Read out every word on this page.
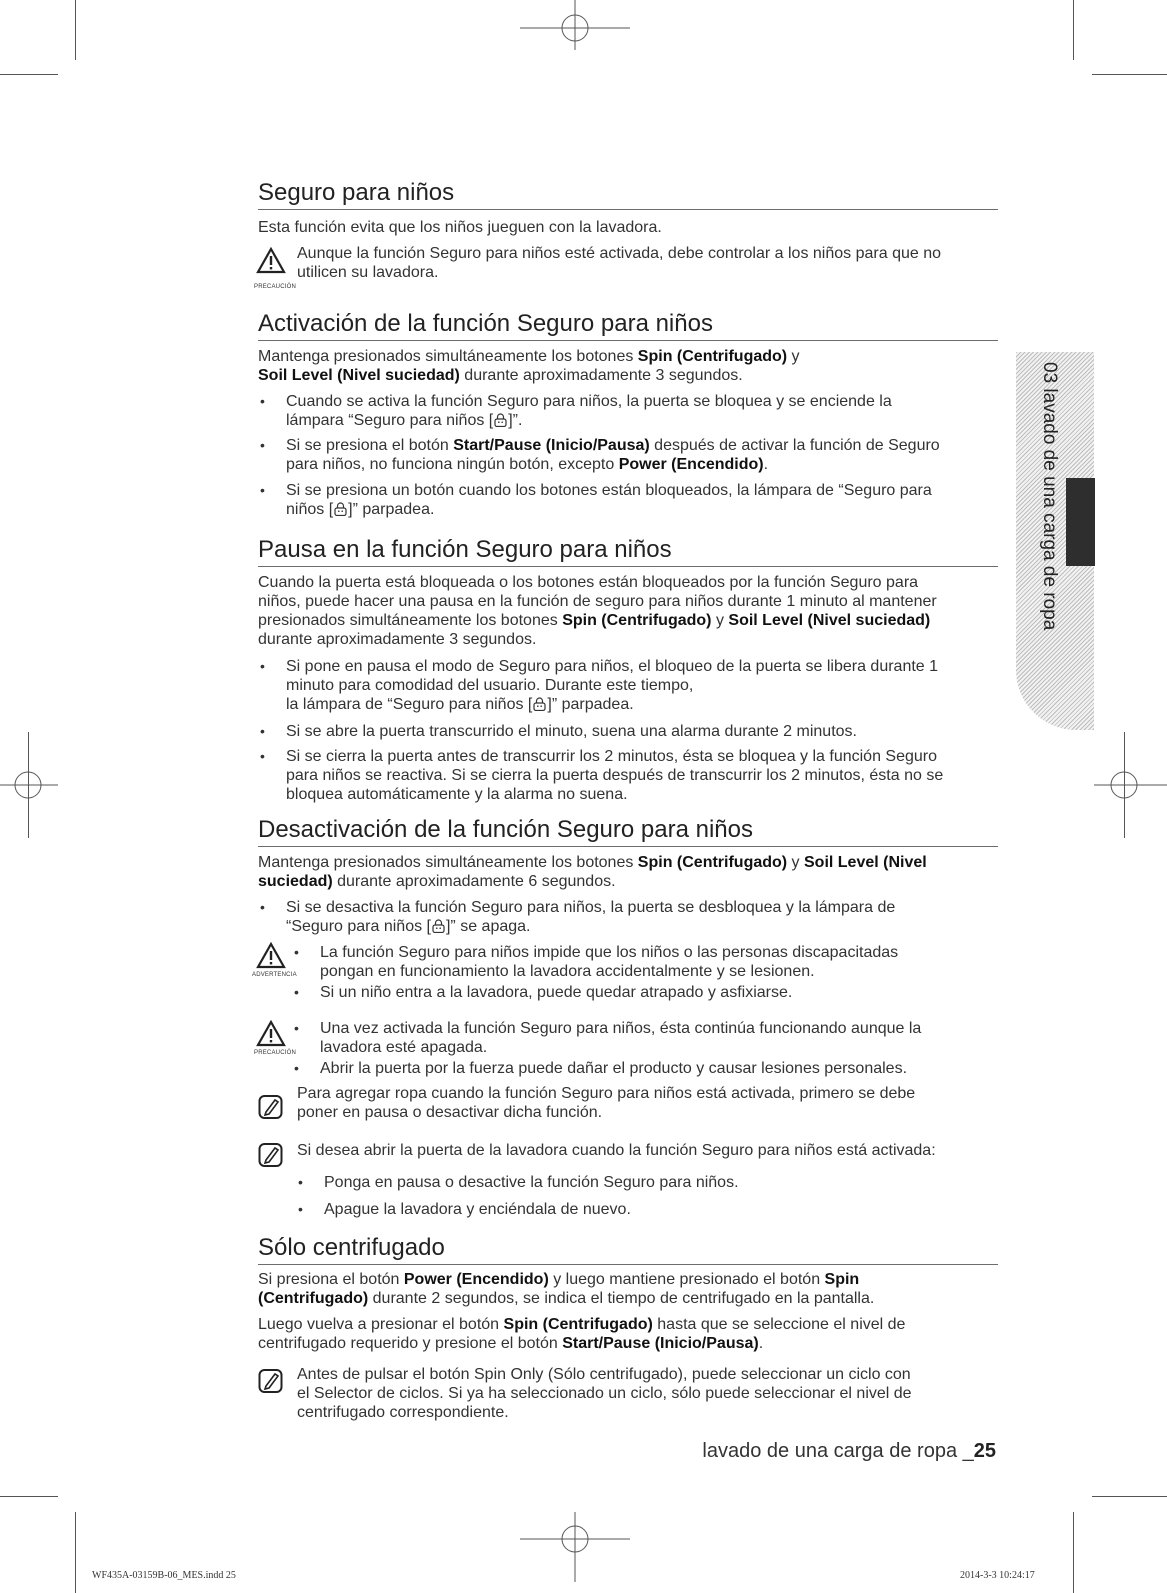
03 lavado de una carga de ropa
Seguro para niños

Esta función evita que los niños jueguen con la lavadora.

PRECAUCIÓN

Aunque la función Seguro para niños esté activada, debe controlar a los niños para que no
utilicen su lavadora.

Activación de la función Seguro para niños

Mantenga presionados simultáneamente los botones Spin (Centrifugado) y
Soil Level (Nivel suciedad) durante aproximadamente 3 segundos.

• Cuando se activa la función Seguro para niños, la puerta se bloquea y se enciende la
lámpara “Seguro para niños [ ]”.

• Si se presiona el botón Start/Pause (Inicio/Pausa) después de activar la función de Seguro
para niños, no funciona ningún botón, excepto Power (Encendido).

• Si se presiona un botón cuando los botones están bloqueados, la lámpara de “Seguro para
niños [ ]” parpadea.

Pausa en la función Seguro para niños

Cuando la puerta está bloqueada o los botones están bloqueados por la función Seguro para
niños, puede hacer una pausa en la función de seguro para niños durante 1 minuto al mantener
presionados simultáneamente los botones Spin (Centrifugado) y Soil Level (Nivel suciedad)
durante aproximadamente 3 segundos.

• Si pone en pausa el modo de Seguro para niños, el bloqueo de la puerta se libera durante 1
minuto para comodidad del usuario. Durante este tiempo,
la lámpara de “Seguro para niños [ ]” parpadea.

• Si se abre la puerta transcurrido el minuto, suena una alarma durante 2 minutos.

• Si se cierra la puerta antes de transcurrir los 2 minutos, ésta se bloquea y la función Seguro
para niños se reactiva. Si se cierra la puerta después de transcurrir los 2 minutos, ésta no se
bloquea automáticamente y la alarma no suena.

Desactivación de la función Seguro para niños

Mantenga presionados simultáneamente los botones Spin (Centrifugado) y Soil Level (Nivel
suciedad) durante aproximadamente 6 segundos.

• Si se desactiva la función Seguro para niños, la puerta se desbloquea y la lámpara de
“Seguro para niños [ ]” se apaga.

ADVERTENCIA

• La función Seguro para niños impide que los niños o las personas discapacitadas
pongan en funcionamiento la lavadora accidentalmente y se lesionen.

• Si un niño entra a la lavadora, puede quedar atrapado y asfixiarse.

PRECAUCIÓN

• Una vez activada la función Seguro para niños, ésta continúa funcionando aunque la
lavadora esté apagada.

• Abrir la puerta por la fuerza puede dañar el producto y causar lesiones personales.

Para agregar ropa cuando la función Seguro para niños está activada, primero se debe
poner en pausa o desactivar dicha función.

Si desea abrir la puerta de la lavadora cuando la función Seguro para niños está activada:

• Ponga en pausa o desactive la función Seguro para niños.

• Apague la lavadora y enciéndala de nuevo.

Sólo centrifugado

Si presiona el botón Power (Encendido) y luego mantiene presionado el botón Spin
(Centrifugado) durante 2 segundos, se indica el tiempo de centrifugado en la pantalla.

Luego vuelva a presionar el botón Spin (Centrifugado) hasta que se seleccione el nivel de
centrifugado requerido y presione el botón Start/Pause (Inicio/Pausa).

Antes de pulsar el botón Spin Only (Sólo centrifugado), puede seleccionar un ciclo con
el Selector de ciclos. Si ya ha seleccionado un ciclo, sólo puede seleccionar el nivel de
centrifugado correspondiente.

lavado de una carga de ropa _25
WF435A-03159B-06_MES.indd 25	2014-3-3 10:24:17
